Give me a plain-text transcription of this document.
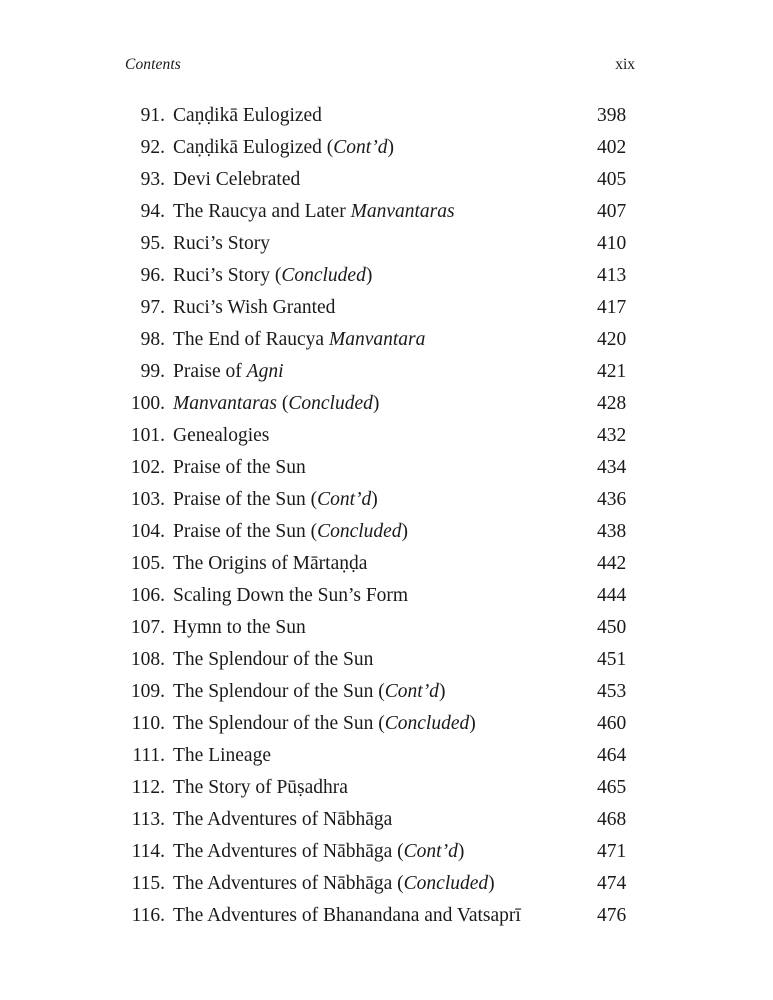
Contents	xix
91. Caṇḍikā Eulogized	398
92. Caṇḍikā Eulogized (Cont’d)	402
93. Devi Celebrated	405
94. The Raucya and Later Manvantaras	407
95. Ruci’s Story	410
96. Ruci’s Story (Concluded)	413
97. Ruci’s Wish Granted	417
98. The End of Raucya Manvantara	420
99. Praise of Agni	421
100. Manvantaras (Concluded)	428
101. Genealogies	432
102. Praise of the Sun	434
103. Praise of the Sun (Cont’d)	436
104. Praise of the Sun (Concluded)	438
105. The Origins of Mārtaṇḍa	442
106. Scaling Down the Sun’s Form	444
107. Hymn to the Sun	450
108. The Splendour of the Sun	451
109. The Splendour of the Sun (Cont’d)	453
110. The Splendour of the Sun (Concluded)	460
111. The Lineage	464
112. The Story of Pūṣadhra	465
113. The Adventures of Nābhāga	468
114. The Adventures of Nābhāga (Cont’d)	471
115. The Adventures of Nābhāga (Concluded)	474
116. The Adventures of Bhanandana and Vatsaprī	476
